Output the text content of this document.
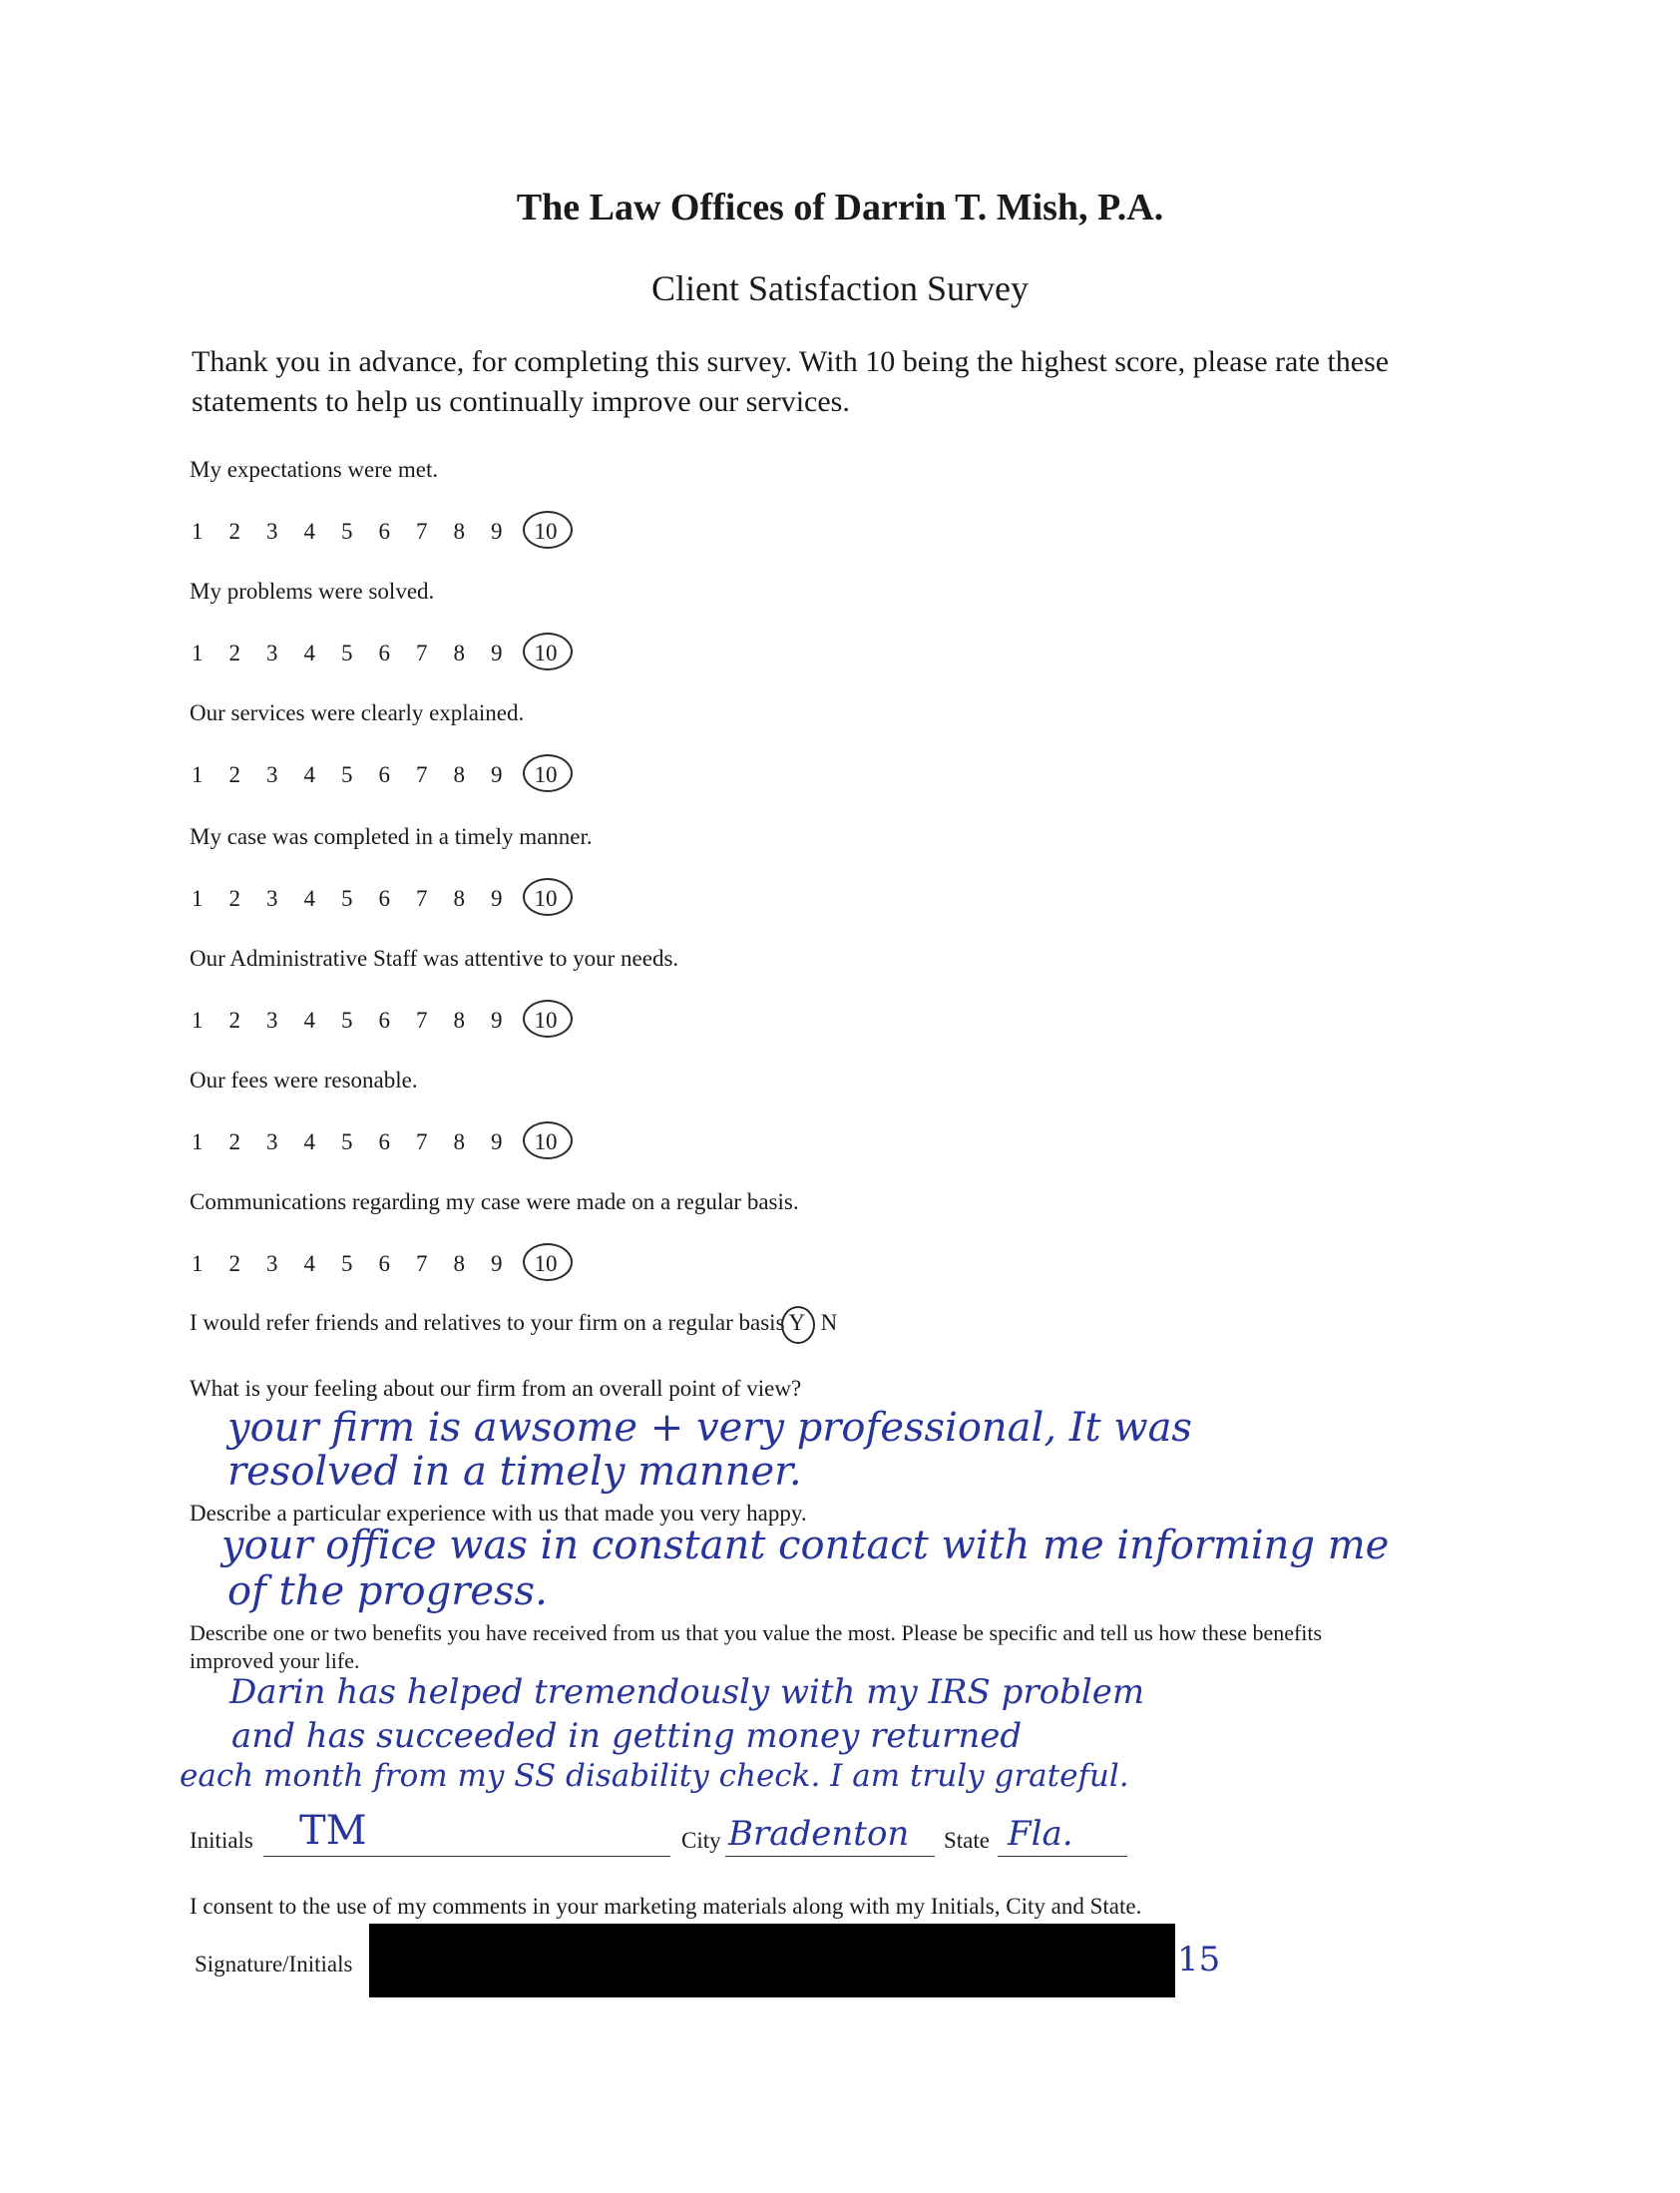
The Law Offices of Darrin T. Mish, P.A.
Client Satisfaction Survey
Thank you in advance, for completing this survey. With 10 being the highest score, please rate these
statements to help us continually improve our services.
My expectations were met.
1	2	3	4	5	6	7	8	9	10
My problems were solved.
1	2	3	4	5	6	7	8	9	10
Our services were clearly explained.
1	2	3	4	5	6	7	8	9	10
My case was completed in a timely manner.
1	2	3	4	5	6	7	8	9	10
Our Administrative Staff was attentive to your needs.
1	2	3	4	5	6	7	8	9	10
Our fees were resonable.
1	2	3	4	5	6	7	8	9	10
Communications regarding my case were made on a regular basis.
1	2	3	4	5	6	7	8	9	10
I would refer friends and relatives to your firm on a regular basis Y N
What is your feeling about our firm from an overall point of view?
your firm is awsome + very professional, It was
resolved in a timely manner.
Describe a particular experience with us that made you very happy.
your office was in constant contact with me informing me
of the progress.
Describe one or two benefits you have received from us that you value the most. Please be specific and tell us how these benefits
improved your life.
Darin has helped tremendously with my IRS problem
and has succeeded in getting money returned
each month from my SS disability check. I am truly grateful.
Initials TM	City Bradenton State Fla.
I consent to the use of my comments in your marketing materials along with my Initials, City and State.
Signature/Initials	15
